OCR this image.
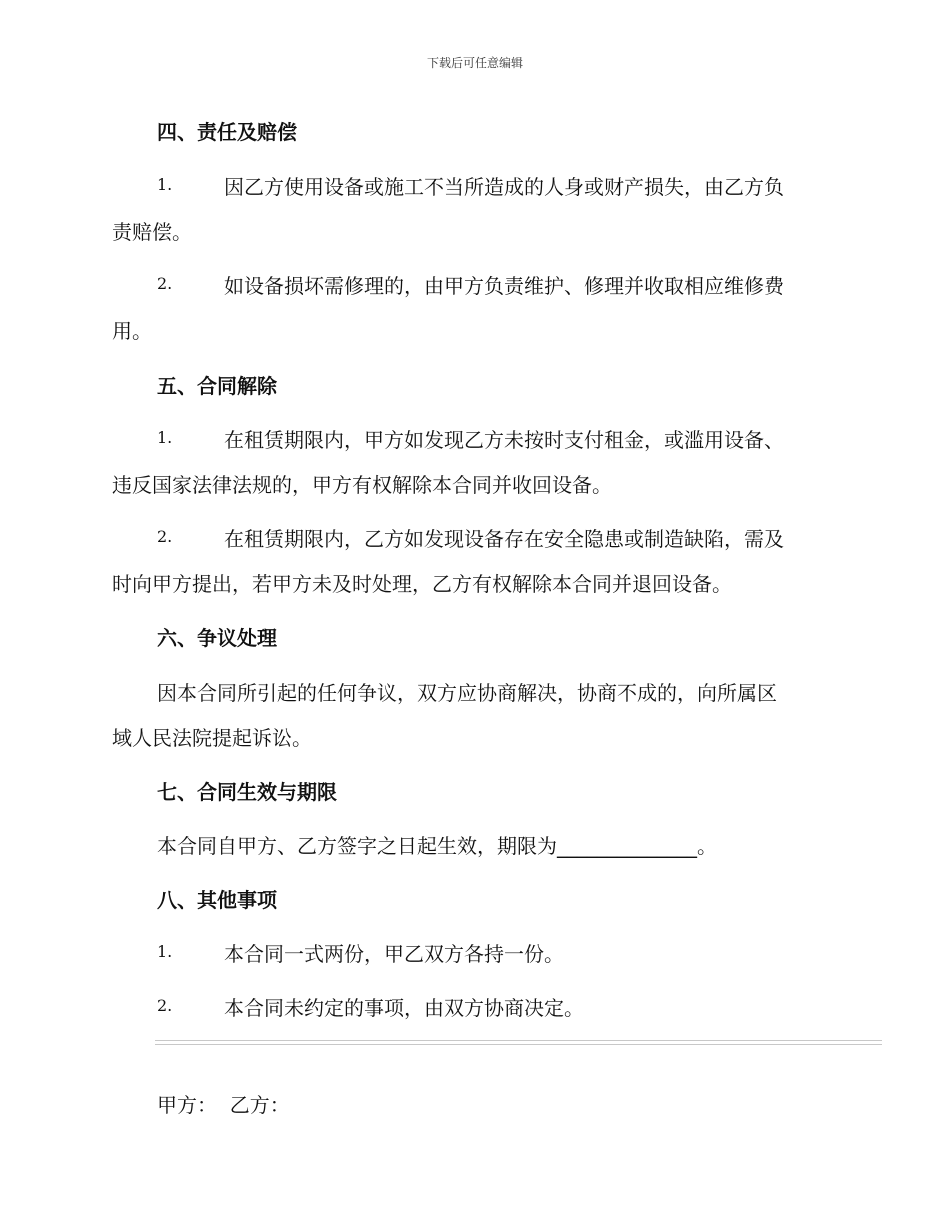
下载后可任意编辑
四、责任及赔偿
1.	因乙方使用设备或施工不当所造成的人身或财产损失，由乙方负
责赔偿。
2.	如设备损坏需修理的，由甲方负责维护、修理并收取相应维修费
用。
五、合同解除
1.	在租赁期限内，甲方如发现乙方未按时支付租金，或滥用设备、
违反国家法律法规的，甲方有权解除本合同并收回设备。
2.	在租赁期限内，乙方如发现设备存在安全隐患或制造缺陷，需及
时向甲方提出，若甲方未及时处理，乙方有权解除本合同并退回设备。
六、争议处理
因本合同所引起的任何争议，双方应协商解决，协商不成的，向所属区
域人民法院提起诉讼。
七、合同生效与期限
本合同自甲方、乙方签字之日起生效，期限为______________。
八、其他事项
1.	本合同一式两份，甲乙双方各持一份。
2.	本合同未约定的事项，由双方协商决定。
甲方：  乙方：
